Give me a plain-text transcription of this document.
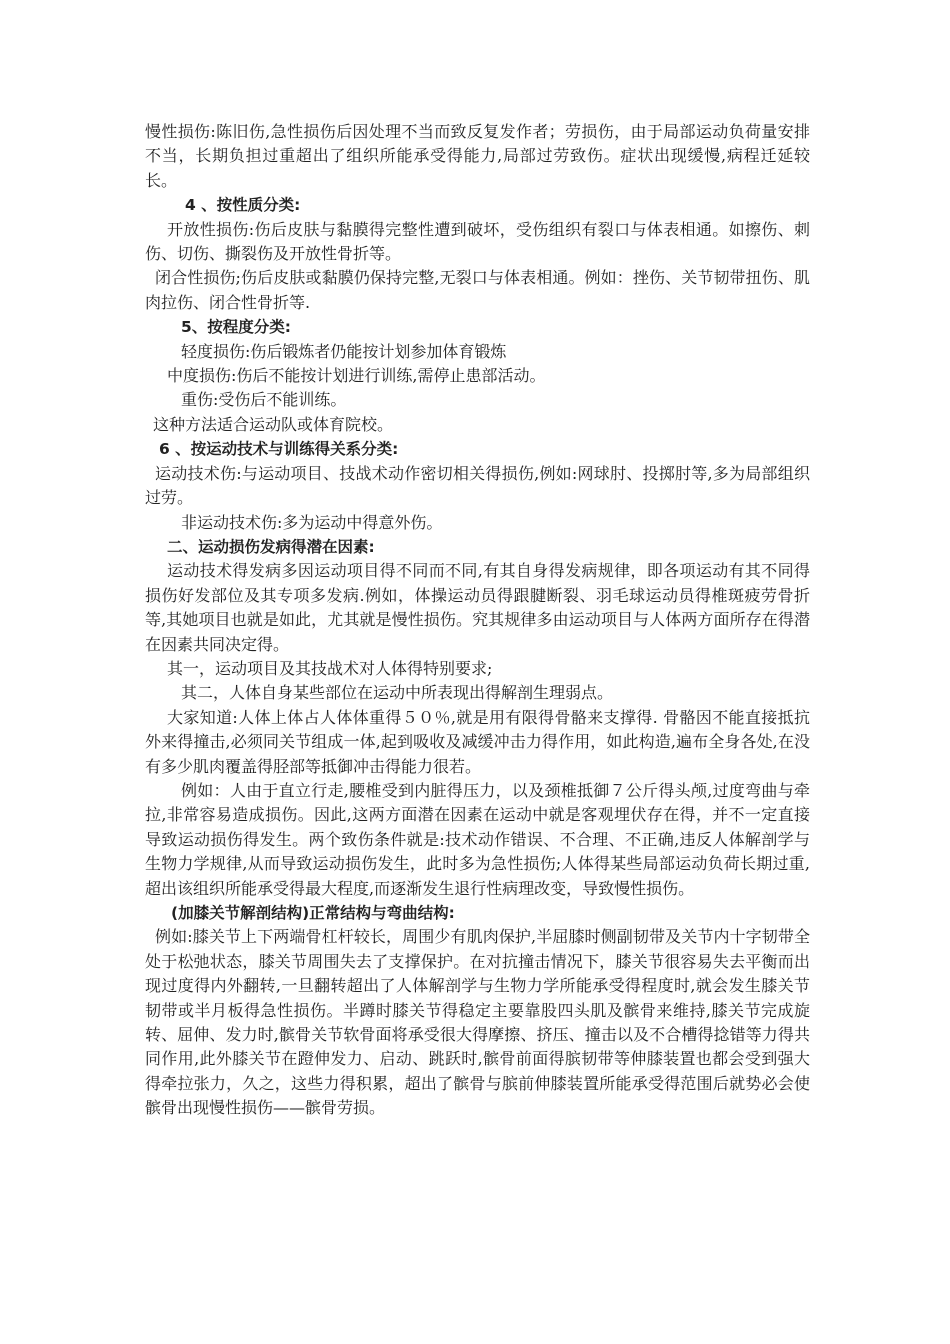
慢性损伤:陈旧伤,急性损伤后因处理不当而致反复发作者；劳损伤，由于局部运动负荷量安排不当，长期负担过重超出了组织所能承受得能力,局部过劳致伤。症状出现缓慢,病程迁延较长。

4 、按性质分类:

开放性损伤:伤后皮肤与黏膜得完整性遭到破坏，受伤组织有裂口与体表相通。如擦伤、刺伤、切伤、撕裂伤及开放性骨折等。

闭合性损伤;伤后皮肤或黏膜仍保持完整,无裂口与体表相通。例如：挫伤、关节韧带扭伤、肌肉拉伤、闭合性骨折等.

5、按程度分类:

轻度损伤:伤后锻炼者仍能按计划参加体育锻炼

中度损伤:伤后不能按计划进行训练,需停止患部活动。

重伤:受伤后不能训练。

这种方法适合运动队或体育院校。

6 、按运动技术与训练得关系分类:

运动技术伤:与运动项目、技战术动作密切相关得损伤,例如:网球肘、投掷肘等,多为局部组织过劳。

非运动技术伤:多为运动中得意外伤。

二、运动损伤发病得潜在因素:

运动技术得发病多因运动项目得不同而不同,有其自身得发病规律，即各项运动有其不同得损伤好发部位及其专项多发病.例如，体操运动员得跟腱断裂、羽毛球运动员得椎斑疲劳骨折等,其她项目也就是如此，尤其就是慢性损伤。究其规律多由运动项目与人体两方面所存在得潜在因素共同决定得。

其一，运动项目及其技战术对人体得特别要求;

其二，人体自身某些部位在运动中所表现出得解剖生理弱点。

大家知道:人体上体占人体体重得５０％,就是用有限得骨骼来支撑得. 骨骼因不能直接抵抗外来得撞击,必须同关节组成一体,起到吸收及减缓冲击力得作用，如此构造,遍布全身各处,在没有多少肌肉覆盖得胫部等抵御冲击得能力很若。

例如：人由于直立行走,腰椎受到内脏得压力，以及颈椎抵御７公斤得头颅,过度弯曲与牵拉,非常容易造成损伤。因此,这两方面潜在因素在运动中就是客观埋伏存在得，并不一定直接导致运动损伤得发生。两个致伤条件就是:技术动作错误、不合理、不正确,违反人体解剖学与生物力学规律,从而导致运动损伤发生，此时多为急性损伤;人体得某些局部运动负荷长期过重,超出该组织所能承受得最大程度,而逐渐发生退行性病理改变，导致慢性损伤。

(加膝关节解剖结构)正常结构与弯曲结构:

例如:膝关节上下两端骨杠杆较长，周围少有肌肉保护,半屈膝时侧副韧带及关节内十字韧带全处于松弛状态，膝关节周围失去了支撑保护。在对抗撞击情况下，膝关节很容易失去平衡而出现过度得内外翻转,一旦翻转超出了人体解剖学与生物力学所能承受得程度时,就会发生膝关节韧带或半月板得急性损伤。半蹲时膝关节得稳定主要靠股四头肌及髌骨来维持,膝关节完成旋转、屈伸、发力时,髌骨关节软骨面将承受很大得摩擦、挤压、撞击以及不合槽得捻错等力得共同作用,此外膝关节在蹬伸发力、启动、跳跃时,髌骨前面得膑韧带等伸膝装置也都会受到强大得牵拉张力，久之，这些力得积累，超出了髌骨与膑前伸膝装置所能承受得范围后就势必会使髌骨出现慢性损伤——髌骨劳损。
